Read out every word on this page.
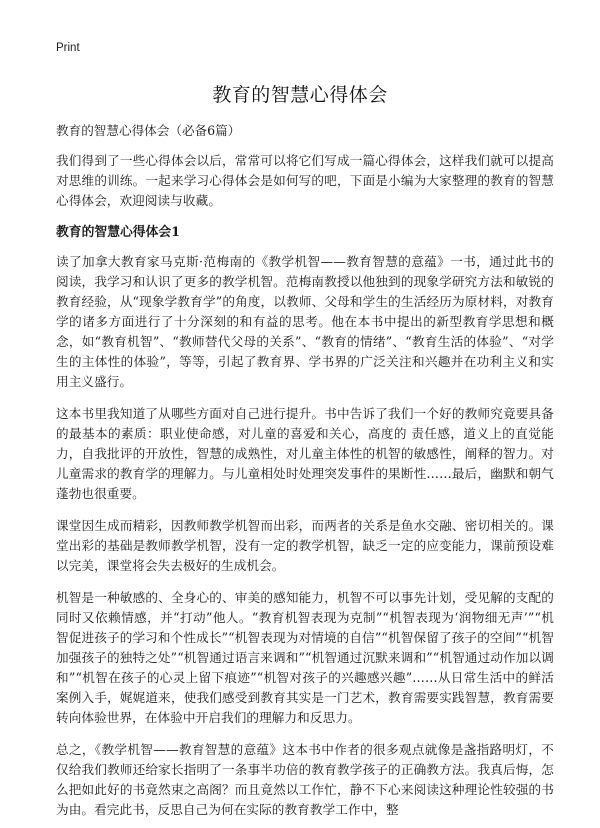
Print
教育的智慧心得体会
教育的智慧心得体会（必备6篇）

我们得到了一些心得体会以后，常常可以将它们写成一篇心得体会，这样我们就可以提高对思维的训练。一起来学习心得体会是如何写的吧，下面是小编为大家整理的教育的智慧心得体会，欢迎阅读与收藏。

教育的智慧心得体会1

读了加拿大教育家马克斯·范梅南的《教学机智——教育智慧的意蕴》一书，通过此书的阅读，我学习和认识了更多的教学机智。范梅南教授以他独到的现象学研究方法和敏锐的教育经验，从“现象学教育学”的角度，以教师、父母和学生的生活经历为原材料，对教育学的诸多方面进行了十分深刻的和有益的思考。他在本书中提出的新型教育学思想和概念，如“教育机智”、“教师替代父母的关系”、“教育的情绪”、“教育生活的体验”、“对学生的主体性的体验”，等等，引起了教育界、学书界的广泛关注和兴趣并在功利主义和实用主义盛行。

这本书里我知道了从哪些方面对自己进行提升。书中告诉了我们一个好的教师究竟要具备的最基本的素质：职业使命感，对儿童的喜爱和关心，高度的 责任感，道义上的直觉能力，自我批评的开放性，智慧的成熟性，对儿童主体性的机智的敏感性，阐释的智力。对儿童需求的教育学的理解力。与儿童相处时处理突发事件的果断性……最后，幽默和朝气蓬勃也很重要。

课堂因生成而精彩，因教师教学机智而出彩，而两者的关系是鱼水交融、密切相关的。课堂出彩的基础是教师教学机智，没有一定的教学机智，缺乏一定的应变能力，课前预设难以完美，课堂将会失去极好的生成机会。

机智是一种敏感的、全身心的、审美的感知能力，机智不可以事先计划，受见解的支配的同时又依赖情感，并“打动”他人。“教育机智表现为克制”“机智表现为‘润物细无声’”“机智促进孩子的学习和个性成长”“机智表现为对情境的自信”“机智保留了孩子的空间”“机智加强孩子的独特之处”“机智通过语言来调和”“机智通过沉默来调和”“机智通过动作加以调和”“机智在孩子的心灵上留下痕迹”“机智对孩子的兴趣感兴趣”……从日常生活中的鲜活案例入手，娓娓道来，使我们感受到教育其实是一门艺术，教育需要实践智慧，教育需要转向体验世界，在体验中开启我们的理解力和反思力。

总之，《教学机智——教育智慧的意蕴》这本书中作者的很多观点就像是盏指路明灯，不仅给我们教师还给家长指明了一条事半功倍的教育教学孩子的正确教方法。我真后悔，怎么把如此好的书竟然束之高阁？而且竟然以工作忙，静不下心来阅读这种理论性较强的书为由。看完此书，反思自己为何在实际的教育教学工作中，整
